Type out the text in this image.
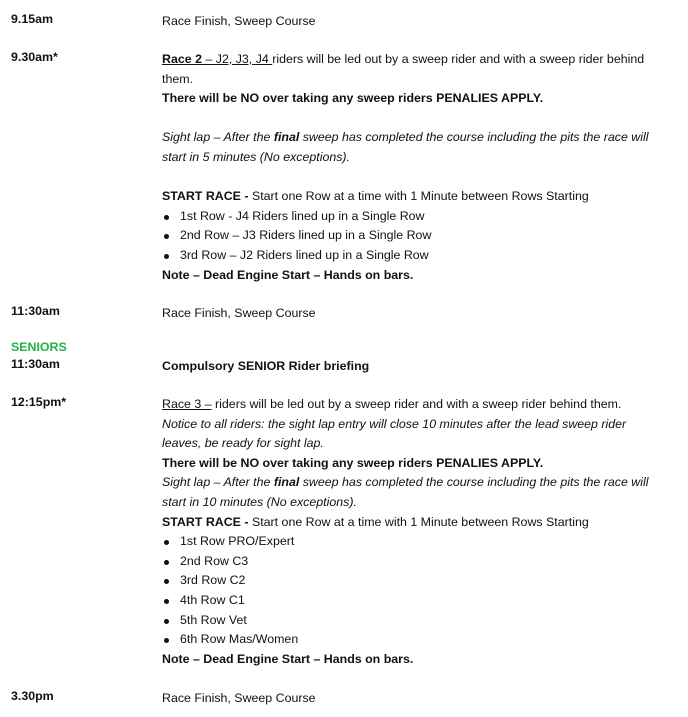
9.15am	Race Finish, Sweep Course
9.30am*	Race 2 – J2, J3, J4 riders will be led out by a sweep rider and with a sweep rider behind
them.
There will be NO over taking any sweep riders PENALIES APPLY.
Sight lap – After the final sweep has completed the course including the pits the race will
start in 5 minutes (No exceptions).
START RACE - Start one Row at a time with 1 Minute between Rows Starting
1st Row - J4 Riders lined up in a Single Row
2nd Row – J3 Riders lined up in a Single Row
3rd Row – J2 Riders lined up in a Single Row
Note – Dead Engine Start – Hands on bars.
11:30am	Race Finish, Sweep Course
SENIORS
11:30am	Compulsory SENIOR Rider briefing
12:15pm*	Race 3 – riders will be led out by a sweep rider and with a sweep rider behind them.
Notice to all riders: the sight lap entry will close 10 minutes after the lead sweep rider
leaves, be ready for sight lap.
There will be NO over taking any sweep riders PENALIES APPLY.
Sight lap – After the final sweep has completed the course including the pits the race will
start in 10 minutes (No exceptions).
START RACE - Start one Row at a time with 1 Minute between Rows Starting
1st Row PRO/Expert
2nd Row C3
3rd Row C2
4th Row C1
5th Row Vet
6th Row Mas/Women
Note – Dead Engine Start – Hands on bars.
3.30pm	Race Finish, Sweep Course
